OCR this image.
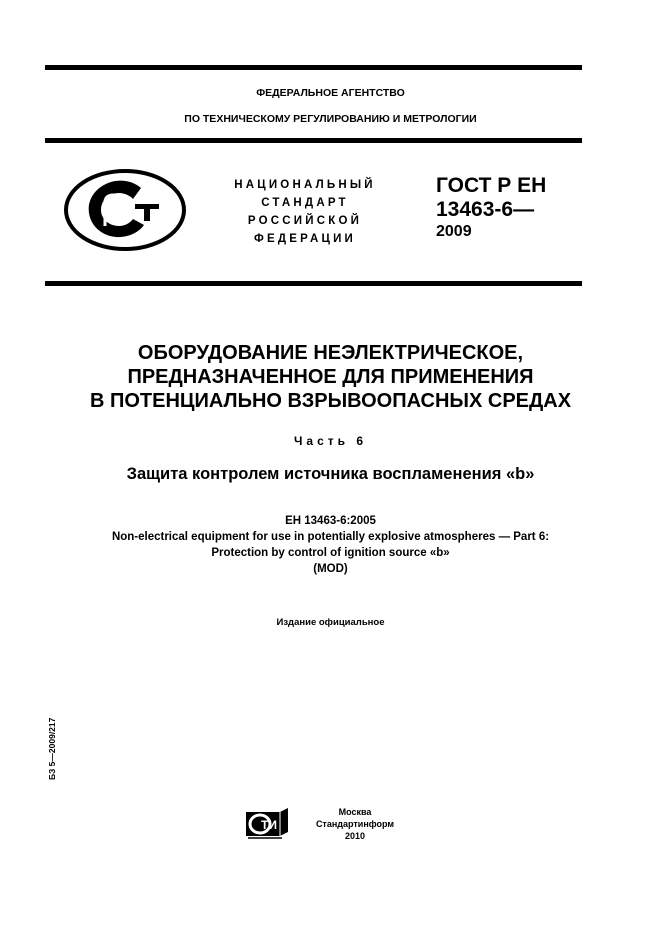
ФЕДЕРАЛЬНОЕ АГЕНТСТВО
ПО ТЕХНИЧЕСКОМУ РЕГУЛИРОВАНИЮ И МЕТРОЛОГИИ
НАЦИОНАЛЬНЫЙ
СТАНДАРТ
РОССИЙСКОЙ
ФЕДЕРАЦИИ
ГОСТ Р ЕН
13463-6—
2009
ОБОРУДОВАНИЕ НЕЭЛЕКТРИЧЕСКОЕ,
ПРЕДНАЗНАЧЕННОЕ ДЛЯ ПРИМЕНЕНИЯ
В ПОТЕНЦИАЛЬНО ВЗРЫВООПАСНЫХ СРЕДАХ
Часть 6
Защита контролем источника воспламенения «b»
EH 13463-6:2005
Non-electrical equipment for use in potentially explosive atmospheres — Part 6:
Protection by control of ignition source «b»
(MOD)
Издание официальное
БЗ 5—2009/217
ТИ
Москва
Стандартинформ
2010
